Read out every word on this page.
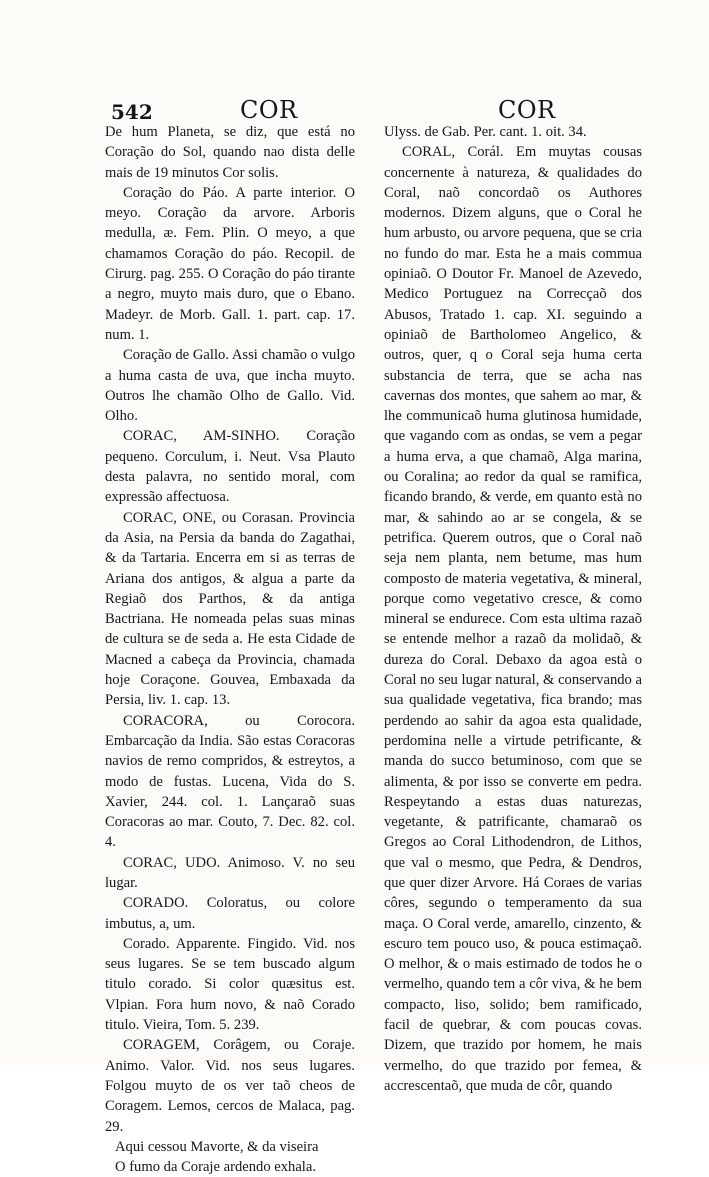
542	COR	COR

De hum Planeta, se diz, que está no Coração do Sol, quando nao dista delle mais de 19 minutos Cor solis.

Coração do Páo. A parte interior. O meyo. Coração da arvore. Arboris medulla, æ. Fem. Plin. O meyo, a que chamamos Coração do páo. Recopil. de Cirurg. pag. 255. O Coração do páo tirante a negro, muyto mais duro, que o Ebano. Madeyr. de Morb. Gall. 1. part. cap. 17. num. 1.

Coração de Gallo. Assi chamão o vulgo a huma casta de uva, que incha muyto. Outros lhe chamão Olho de Gallo. Vid. Olho.

CORAC, AM-SINHO. Coração pequeno. Corculum, i. Neut. Vsa Plauto desta palavra, no sentido moral, com expressão affectuosa.

CORAC, ONE, ou Corasan. Provincia da Asia, na Persia da banda do Zagathai, & da Tartaria. Encerra em si as terras de Ariana dos antigos, & algua a parte da Regiaõ dos Parthos, & da antiga Bactriana. He nomeada pelas suas minas de cultura se de seda a. He esta Cidade de Macned a cabeça da Provincia, chamada hoje Coraçone. Gouvea, Embaxada da Persia, liv. 1. cap. 13.

CORACORA, ou Corocora. Embarcação da India. São estas Coracoras navios de remo compridos, & estreytos, a modo de fustas. Lucena, Vida do S. Xavier, 244. col. 1. Lançaraõ suas Coracoras ao mar. Couto, 7. Dec. 82. col. 4.

CORAC, UDO. Animoso. V. no seu lugar.

CORADO. Coloratus, ou colore imbutus, a, um.

Corado. Apparente. Fingido. Vid. nos seus lugares. Se se tem buscado algum titulo corado. Si color quæsitus est. Vlpian. Fora hum novo, & naõ Corado titulo. Vieira, Tom. 5. 239.

CORAGEM, Corâgem, ou Coraje. Animo. Valor. Vid. nos seus lugares. Folgou muyto de os ver taõ cheos de Coragem. Lemos, cercos de Malaca, pag. 29.

Aqui cessou Mavorte, & da viseira

O fumo da Coraje ardendo exhala.

Ulyss. de Gab. Per. cant. 1. oit. 34.

CORAL, Corál. Em muytas cousas concernente à natureza, & qualidades do Coral, naõ concordaõ os Authores modernos. Dizem alguns, que o Coral he hum arbusto, ou arvore pequena, que se cria no fundo do mar. Esta he a mais commua opiniaõ. O Doutor Fr. Manoel de Azevedo, Medico Portuguez na Correcçaõ dos Abusos, Tratado 1. cap. XI. seguindo a opiniaõ de Bartholomeo Angelico, & outros, quer, q o Coral seja huma certa substancia de terra, que se acha nas cavernas dos montes, que sahem ao mar, & lhe communicaõ huma glutinosa humidade, que vagando com as ondas, se vem a pegar a huma erva, a que chamaõ, Alga marina, ou Coralina; ao redor da qual se ramifica, ficando brando, & verde, em quanto està no mar, & sahindo ao ar se congela, & se petrifica. Querem outros, que o Coral naõ seja nem planta, nem betume, mas hum composto de materia vegetativa, & mineral, porque como vegetativo cresce, & como mineral se endurece. Com esta ultima razaõ se entende melhor a razaõ da molidaõ, & dureza do Coral. Debaxo da agoa està o Coral no seu lugar natural, & conservando a sua qualidade vegetativa, fica brando; mas perdendo ao sahir da agoa esta qualidade, perdomina nelle a virtude petrificante, & manda do succo betuminoso, com que se alimenta, & por isso se converte em pedra. Respeytando a estas duas naturezas, vegetante, & patrificante, chamaraõ os Gregos ao Coral Lithodendron, de Lithos, que val o mesmo, que Pedra, & Dendros, que quer dizer Arvore. Há Coraes de varias côres, segundo o temperamento da sua maça. O Coral verde, amarello, cinzento, & escuro tem pouco uso, & pouca estimaçaõ. O melhor, & o mais estimado de todos he o vermelho, quando tem a côr viva, & he bem compacto, liso, solido; bem ramificado, facil de quebrar, & com poucas covas. Dizem, que trazido por homem, he mais vermelho, do que trazido por femea, & accrescentaõ, que muda de côr, quando
